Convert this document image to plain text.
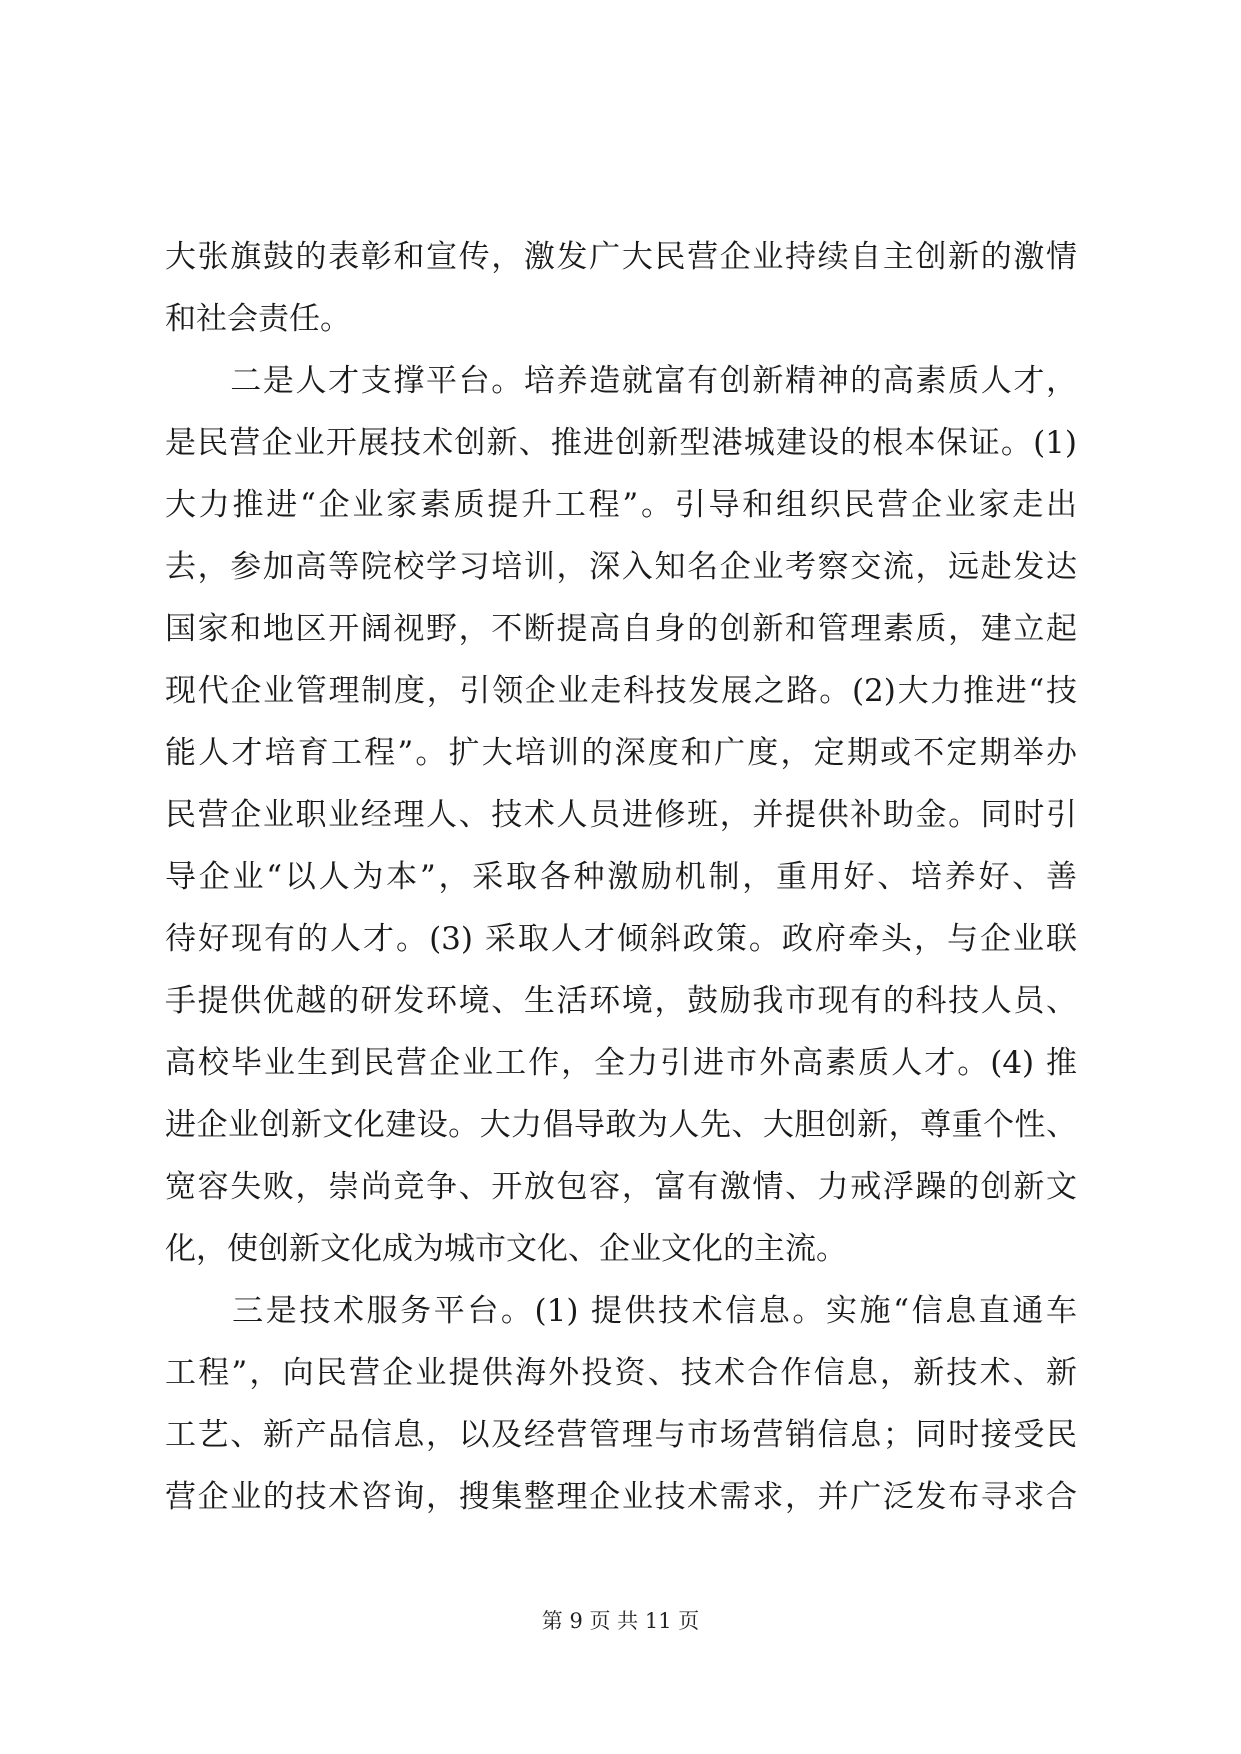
大张旗鼓的表彰和宣传，激发广大民营企业持续自主创新的激情
和社会责任。
　　二是人才支撑平台。培养造就富有创新精神的高素质人才，
是民营企业开展技术创新、推进创新型港城建设的根本保证。(1)
大力推进“企业家素质提升工程”。引导和组织民营企业家走出
去，参加高等院校学习培训，深入知名企业考察交流，远赴发达
国家和地区开阔视野，不断提高自身的创新和管理素质，建立起
现代企业管理制度，引领企业走科技发展之路。(2)大力推进“技
能人才培育工程”。扩大培训的深度和广度，定期或不定期举办
民营企业职业经理人、技术人员进修班，并提供补助金。同时引
导企业“以人为本”，采取各种激励机制，重用好、培养好、善
待好现有的人才。(3) 采取人才倾斜政策。政府牵头，与企业联
手提供优越的研发环境、生活环境，鼓励我市现有的科技人员、
高校毕业生到民营企业工作，全力引进市外高素质人才。(4) 推
进企业创新文化建设。大力倡导敢为人先、大胆创新，尊重个性、
宽容失败，崇尚竞争、开放包容，富有激情、力戒浮躁的创新文
化，使创新文化成为城市文化、企业文化的主流。
　　三是技术服务平台。(1) 提供技术信息。实施“信息直通车
工程”，向民营企业提供海外投资、技术合作信息，新技术、新
工艺、新产品信息，以及经营管理与市场营销信息；同时接受民
营企业的技术咨询，搜集整理企业技术需求，并广泛发布寻求合
第 9 页 共 11 页
